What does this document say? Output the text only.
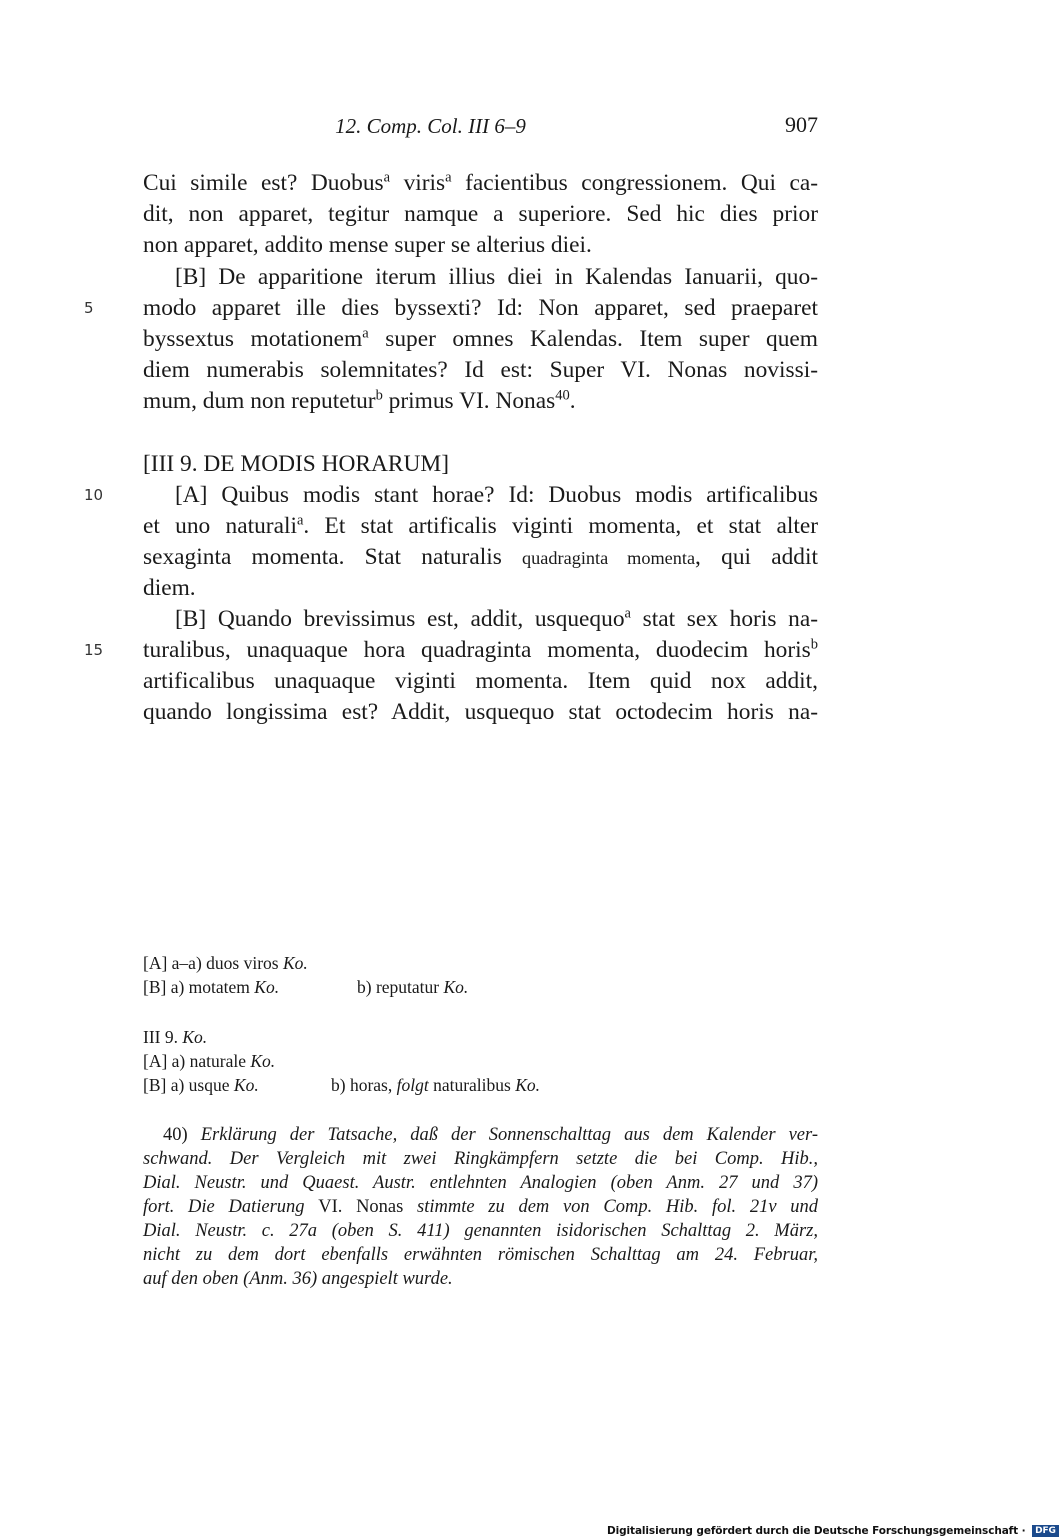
12. Comp. Col. III 6–9	907
5
10
15
Cui simile est? Duobus$^a$ viris$^a$ facientibus congressionem. Qui ca-
dit, non apparet, tegitur namque a superiore. Sed hic dies prior
non apparet, addito mense super se alterius diei.
[B] De apparitione iterum illius diei in Kalendas Ianuarii, quo-
modo apparet ille dies byssexti? Id: Non apparet, sed praeparet
byssextus motationem$^a$ super omnes Kalendas. Item super quem
diem numerabis solemnitates? Id est: Super VI. Nonas novissi-
mum, dum non reputetur$^b$ primus VI. Nonas$^{40}$.
[III 9. DE MODIS HORARUM]
[A] Quibus modis stant horae? Id: Duobus modis artificalibus
et uno naturali$^a$. Et stat artificalis viginti momenta, et stat alter
sexaginta momenta. Stat naturalis quadraginta momenta, qui addit
diem.
[B] Quando brevissimus est, addit, usquequo$^a$ stat sex horis na-
turalibus, unaquaque hora quadraginta momenta, duodecim horis$^b$
artificalibus unaquaque viginti momenta. Item quid nox addit,
quando longissima est? Addit, usquequo stat octodecim horis na-
[A] a–a) duos viros Ko.
[B] a) motatem Ko.	b) reputatur Ko.
III 9. Ko.
[A] a) naturale Ko.
[B] a) usque Ko.	b) horas, folgt naturalibus Ko.
40) Erklärung der Tatsache, daß der Sonnenschalttag aus dem Kalender ver-
schwand. Der Vergleich mit zwei Ringkämpfern setzte die bei Comp. Hib.,
Dial. Neustr. und Quaest. Austr. entlehnten Analogien (oben Anm. 27 und 37)
fort. Die Datierung VI. Nonas stimmte zu dem von Comp. Hib. fol. 21v und
Dial. Neustr. c. 27a (oben S. 411) genannten isidorischen Schalttag 2. März,
nicht zu dem dort ebenfalls erwähnten römischen Schalttag am 24. Februar,
auf den oben (Anm. 36) angespielt wurde.
Digitalisierung gefördert durch die Deutsche Forschungsgemeinschaft · DFG
